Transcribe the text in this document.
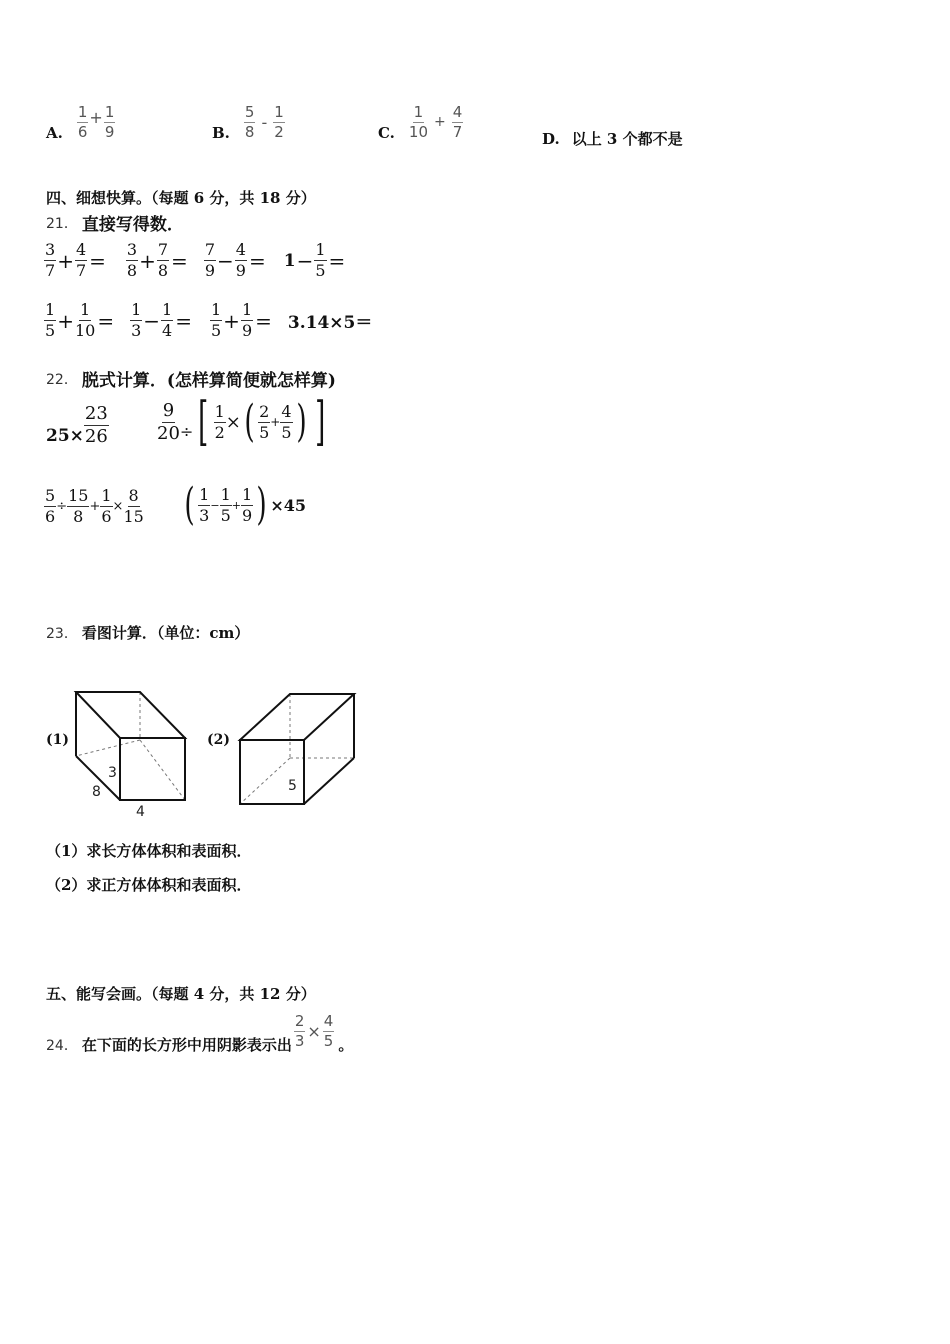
A. $\frac{1}{6} + \frac{1}{9}$	B. $\frac{5}{8} - \frac{1}{2}$	C. $\frac{1}{10} + \frac{4}{7}$	D. 以上 3 个都不是
四、细想快算。（每题 6 分，共 18 分）
21． 直接写得数．
$\frac{3}{7} + \frac{4}{7} = \frac{3}{8} + \frac{7}{8} = \frac{7}{9} - \frac{4}{9} = 1 - \frac{1}{5}$ =
$\frac{1}{5} + \frac{1}{10} = \frac{1}{3} - \frac{1}{4} = \frac{1}{5} + \frac{1}{9} = 3.14\times 5=$
22． 脱式计算．(怎样算简便就怎样算)
$25\times \frac{23}{26}$	$\frac{9}{20}$ ÷ [ $\frac{1}{2}$ × ( $\frac{2}{5} + \frac{4}{5}$ ) ]
$\frac{5}{6} \div \frac{15}{8} + \frac{1}{6} \times \frac{8}{15}$ ( $\frac{1}{3} - \frac{1}{5} + \frac{1}{9}$ ) ×45
23． 看图计算．（单位：cm）
(1)
3
8
4
(2)
5
（1）求长方体体积和表面积．
（2）求正方体体积和表面积．
五、能写会画。（每题 4 分，共 12 分）
24． 在下面的长方形中用阴影表示出 $\frac{2}{3} \times \frac{4}{5}$ 。
